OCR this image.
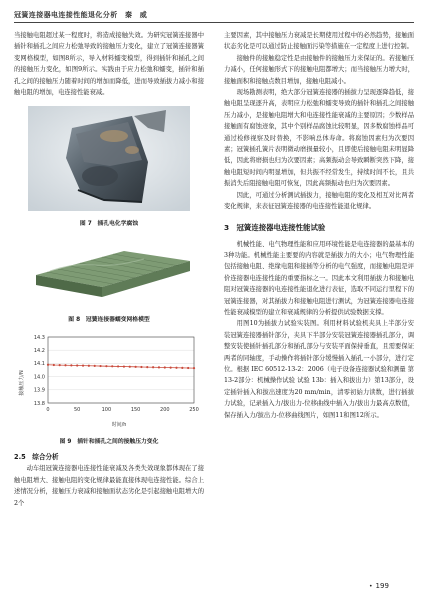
冠簧连接器电连接性能退化分析　秦　威

当接触电阻超过某一程度时，将造成接触失效。为研究冠簧连接器中插针和插孔之间应力松弛导致的接触压力变化，建立了冠簧连接器簧变网格模型，如图8所示，导入材料蠕变模型，得到插针和插孔之间的接触压力变化，如图9所示。实践由于应力松弛和蠕变，插针和插孔之间的接触压力随着时间的增加而降低，进而导致插拔力减小和接触电阻的增加，电连接性能衰减。

图 7　插孔电化学腐蚀
图 8　冠簧连接器蠕变网格模型
13.8
13.9
14.0
14.1
14.2
14.3
0	50	100	150	200	250
接触压力/N
时间/h
图 9　插针和插孔之间的接触压力变化
2.5　综合分析

动车组冠簧连接器电连接性能衰减及各类失效现象都体现在了接触电阻增大、接触电阻的变化规律最能直接体现电连接性能。综合上述情况分析，接触压力衰减和接触面状态劣化是引起接触电阻增大的2个

主要因素，其中接触压力衰减是长期使用过程中的必然趋势，接触面状态劣化是可以通过防止接触面污染等措施在一定程度上进行控制。

接触件的接触稳定性是由接触件的接触压力来保证的。若接触压力减小，任何接触形式下的接触电阻都增大；而当接触压力增大时，接触面积和接触点数目增加，接触电阻减小。

现场勘测表明，绝大部分冠簧连接器的插拔力呈现逐降趋低，接触电阻呈现逐升高，表明应力松弛和蠕变导致的插针和插孔之间接触压力减小，是接触电阻增大和电连接性能衰减的主要原因；少数样品接触面有腐蚀迹象，其中个别样品腐蚀比较明显，因多数腐蚀样品可通过检修视察及时替换，不影响总体寿命。将腐蚀因素归为次要因素；冠簧插孔簧片表明微动磨损量较小，且即使后接触电阻未明显降低，因此将磨损也归为次要因素；高频振动会导致瞬断突然下降，接触电阻短时间内明显增加，但共振不经常发生，持续时间不长，且共振消失后阻接触电阻可恢复，因此高频振动也归为次要因素。

因此，可通过分析测试插拔力，接触电阻的变化及相互对比两者变化规律，来表征冠簧连接器的电连接性能退化规律。

3　冠簧连接器电连接性能试验

机械性能、电气物理性能和应用环境性能是电连接器的最基本的3种功能。机械性能主要要的内容就是插拔力的大小；电气物理性能包括接触电阻、绝缘电阻和接插等分析的电气强度，而接触电阻是评价连接器电连接性能的重要指标之一。因此本文利用插拔力和接触电阻对冠簧连接器的电连接性能退化进行表征，选取不同运行里程下的冠簧连接器，对其插拔力和接触电阻进行测试，为冠簧连接器电连接性能衰减模型的建立和衰减规律的分析提供试验数据支撑。

用图10为插拔力试验实装图。利用材料试验机夹具上半部分安装冠簧连接器插针部分，夹具下半部分安装冠簧连接器插孔部分，调整安装使插针插孔部分和插孔部分与安装平面保持垂直，且需要保证两者的同轴度，手动操作将插针部分缓慢插入插孔一小部分，进行定位。根据 IEC 60512-13-2：2006（电子设备连接器试验和测量 第13-2部分：机械操作试验 试验 13b：插入和拔出力）第13部分，设定插针插入和拔出速度为20 mm/min，清零初始力读数，进行插拔力试验，记录插入力/拔出力-位移曲线中插入力/拔出力最高点数值，保存插入力/拔出力-位移曲线图片，如图11和图12所示。

• 199
